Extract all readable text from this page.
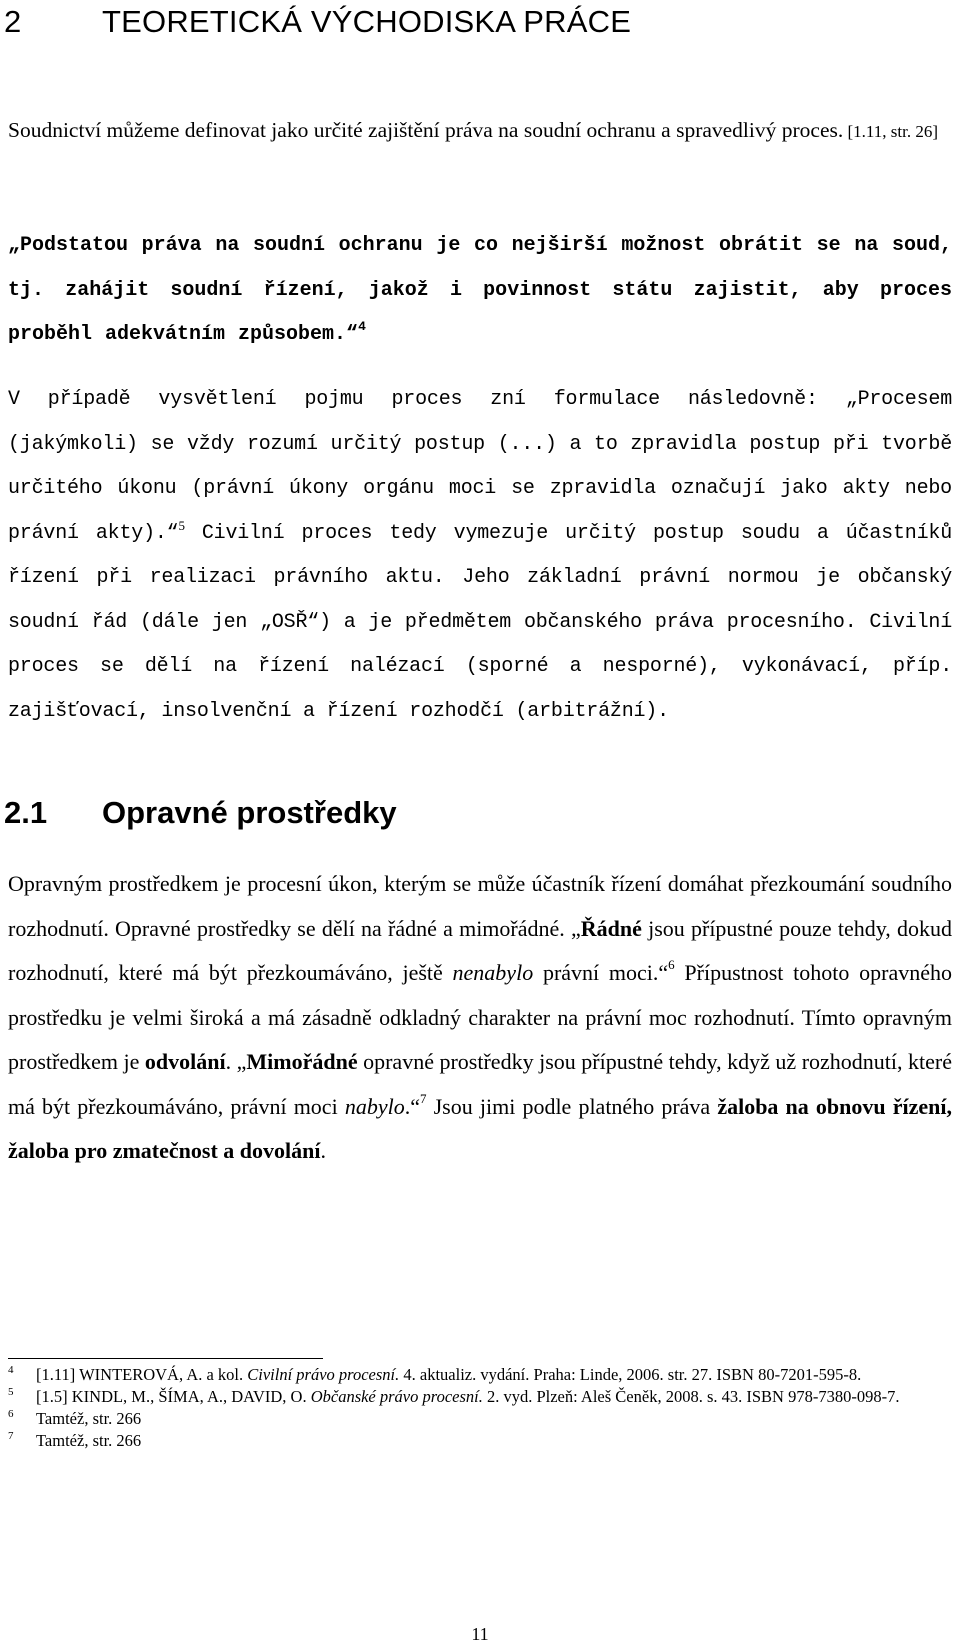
2	TEORETICKÁ VÝCHODISKA PRÁCE

Soudnictví můžeme definovat jako určité zajištění práva na soudní ochranu a spravedlivý proces. [1.11, str. 26]

„Podstatou práva na soudní ochranu je co nejširší možnost obrátit se na soud, tj. zahájit soudní řízení, jakož i povinnost státu zajistit, aby proces proběhl adekvátním způsobem.“$^4$

V případě vysvětlení pojmu proces zní formulace následovně: „Procesem (jakýmkoli) se vždy rozumí určitý postup (...) a to zpravidla postup při tvorbě určitého úkonu (právní úkony orgánu moci se zpravidla označují jako akty nebo právní akty).“$^5$ Civilní proces tedy vymezuje určitý postup soudu a účastníků řízení při realizaci právního aktu. Jeho základní právní normou je občanský soudní řád (dále jen „OSŘ“) a je předmětem občanského práva procesního. Civilní proces se dělí na řízení nalézací (sporné a nesporné), vykonávací, příp. zajišťovací, insolvenční a řízení rozhodčí (arbitrážní).

2.1 Opravné prostředky

Opravným prostředkem je procesní úkon, kterým se může účastník řízení domáhat přezkoumání soudního rozhodnutí. Opravné prostředky se dělí na řádné a mimořádné. „Řádné jsou přípustné pouze tehdy, dokud rozhodnutí, které má být přezkoumáváno, ještě nenabylo právní moci.“$^6$ Přípustnost tohoto opravného prostředku je velmi široká a má zásadně odkladný charakter na právní moc rozhodnutí. Tímto opravným prostředkem je odvolání. „Mimořádné opravné prostředky jsou přípustné tehdy, když už rozhodnutí, které má být přezkoumáváno, právní moci nabylo.“$^7$ Jsou jimi podle platného práva žaloba na obnovu řízení, žaloba pro zmatečnost a dovolání.

4 [1.11] WINTEROVÁ, A. a kol. Civilní právo procesní. 4. aktualiz. vydání. Praha: Linde, 2006. str. 27. ISBN 80-7201-595-8.
5 [1.5] KINDL, M., ŠÍMA, A., DAVID, O. Občanské právo procesní. 2. vyd. Plzeň: Aleš Čeněk, 2008. s. 43. ISBN 978-7380-098-7.
6 Tamtéž, str. 266
7 Tamtéž, str. 266
11
